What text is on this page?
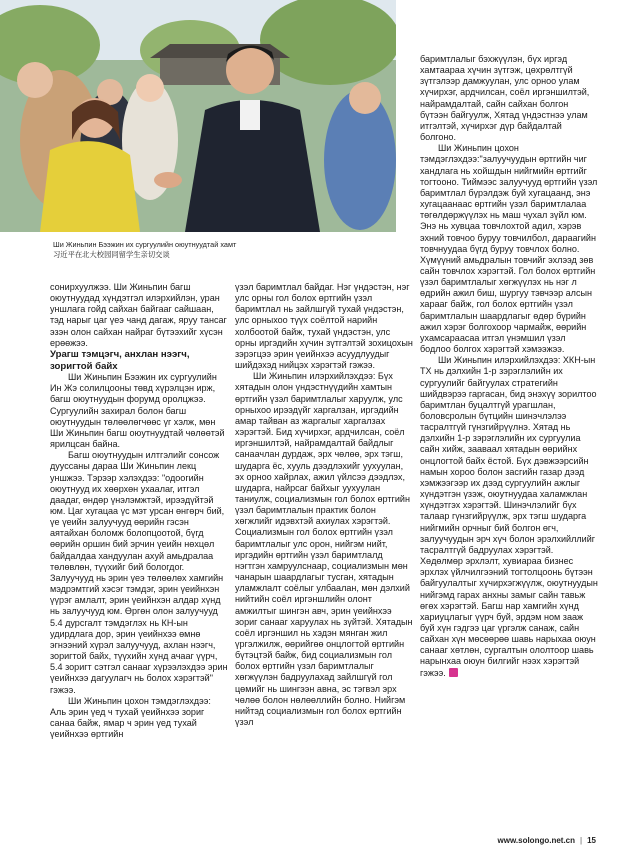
Ши Жиньпин Бээжин их сургуулийн оюутнуудтай хамт
习近平在北大校园同留学生亲切交谈

сонирхуулжээ. Ши Жиньпин багш оюутнуудад хүндэтгэл илэрхийлэн, уран уншлага гойд сайхан байгааг сайшаан, тэд нарыг цаг үеэ чанд дагаж, яруу тансаг эзэн олон сайхан найраг бүтээхийг хүсэн ерөөжээ.

Урагш тэмцэгч, анхлан нээгч, зоригтой байх

Ши Жиньпин Бээжин их сургуулийн Ин Жэ солилцооны төвд хүрэлцэн ирж, багш оюутнуудын форумд оролцжээ. Сургуулийн захирал болон багш оюутнуудын төлөөлөгчөөс үг хэлж, мөн Ши Жиньпин багш оюутнуудтай чөлөөтэй ярилцсан байна.

Багш оюутнуудын илтгэлийг сонсож дууссаны дараа Ши Жиньпин лекц уншжээ. Тэрээр хэлэхдээ: "одоогийн оюутнууд их хөөрхөн ухаалаг, итгэл даадаг, өндөр үнэлэмжтэй, ирээдүйтэй юм. Цаг хугацаа үс мэт урсан өнгөрч бий, үе үеийн залуучууд өөрийн гэсэн аятайхан боломж болопцоотой, бүгд өөрийн оршин бий эрчин үеийн нөхцөл байдалдаа хандуулан ахуй амьдралаа төлөвлөн, түүхийг бий бологдог. Залуучууд нь эрин үеэ төлөөлөх хамгийн мэдрэмтгий хэсэг тэмдэг, эрин үеийнхэн үүрэг амлалт, эрин үеийнхэн алдар хүнд нь залуучууд юм. Өргөн олон залуучууд 5.4 дурсгалт тэмдэглэх нь КН-ын удирдлага дор, эрин үеийнхээ өмнө эгнээний хүрэл залуучууд, ахлан нээгч, зоригтой байх, түүхийн хүнд ачааг үүрч, 5.4 зоригт сэтгэл санааг хүрээлэхдээ эрин үеийнхээ дагуулагч нь болох хэрэгтэй" гэжээ.

Ши Жиньпин цохон тэмдэглэхдээ: Аль эрин үед ч тухай үеийнхээ зориг санаа байж, ямар ч эрин үед тухай үеийнхээ өртгийн

үзэл баримтлал байдаг. Нэг үндэстэн, нэг улс орны гол болох өртгийн үзэл баримтлал нь зайлшгүй тухай үндэстэн, улс орныхоо түүх соёлтой нарийн холбоотой байж, тухай үндэстэн, улс орны иргэдийн хүчин зүтгэлтэй зохицохын зэрэгцээ эрин үеийнхээ асуудлуудыг шийдэхэд нийцэх хэрэгтэй гэжээ.

Ши Жиньпин илэрхийлэхдээ: Бүх хятадын олон үндэстнүүдийн хамтын өртгийн үзэл баримтлалыг харуулж, улс орныхоо ирээдүйг харгалзан, иргэдийн амар тайван аз жаргалыг харгалзах хэрэгтэй. Бид хүчирхэг, ардчилсан, соёл иргэншилтэй, найрамдалтай байдлыг санаачлан дурдаж, эрх чөлөө, эрх тэгш, шударга ёс, хууль дээдлэхийг уухуулан, эх орноо хайрлах, ажил үйлсээ дээдлэх, шударга, найрсаг байхыг уухуулан таниулж, социализмын гол болох өртгийн үзэл баримтлалын практик болон хөгжлийг идэвхтэй ахиулах хэрэгтэй. Социализмын гол болох өртгийн үзэл баримтлалыг улс орон, нийгэм нийт, иргэдийн өртгийн үзэл баримтлалд нэгтгэн хамруулснаар, социализмын мөн чанарын шаардлагыг тусган, хятадын уламжлалт соёлыг улбаалан, мөн дэлхий нийтийн соёл иргэншлийн олонт амжилтыг шингэн авч, эрин үеийнхээ зориг санааг харуулах нь зүйтэй. Хятадын соёл иргэншил нь хэдэн мянган жил үргэлжилж, өөрийгөө онцлогтой өртгийн бүтэцтэй байж, бид социализмын гол болох өртгийн үзэл баримтлалыг хөгжүүлэн бадруулахад зайлшгүй гол цөмийг нь шингээн авна, эс тэгвэл эрх чөлөө болон нөлөөллийн болно. Нийгэм нийтэд социализмын гол болох өртгийн үзэл

баримтлалыг бэхжүүлэн, бүх иргэд хамтаараа хүчин зүтгэж, цөхрөлтгүй зүтгэлээр дамжуулан, улс орноо улам хүчирхэг, ардчилсан, соёл иргэншилтэй, найрамдалтай, сайн сайхан болгон бүтээн байгуулж, Хятад үндэстнээ улам итгэлтэй, хүчирхэг дүр байдалтай болгоно.

Ши Жиньпин цохон тэмдэглэхдээ:"залуучуудын өртгийн чиг хандлага нь хойшдын нийгмийн өртгийг тогтооно. Тиймээс залуучууд өртгийн үзэл баримтлал бүрэлдэж буй хугацаанд, энэ хугацаанаас өртгийн үзэл баримтлалаа төгөлдөржүүлэх нь маш чухал зүйл юм. Энэ нь хувцаа товчлохтой адил, хэрэв эхний товчоо буруу товчилбол, дараагийн товчнуудаа бүгд буруу товчлох болно. Хүмүүний амьдралын товчийг эхлээд зөв сайн товчлох хэрэгтэй. Гол болох өртгийн үзэл баримтлалыг хөгжүүлэх нь нэг л өдрийн ажил биш, шургуу тэвчээр алсын харааг байж, гол болох өртгийн үзэл баримтлалын шаардлагыг өдөр бүрийн ажил хэрэг болгохоор чармайж, өөрийн ухамсараасаа итгэл үнэмшил үзэл бодлоо болгох хэрэгтэй хэмээжээ.

Ши Жиньпин илэрхийлэхдээ: ХКН-ын ТХ нь дэлхийн 1-р зэрэглэлийн их сургуулийг байгуулах стратегийн шийдвэрээ гаргасан, бид энэхүү зорилтоо баримтлан буцалтгүй урагшлан, боловсролын бүтцийн шинэчлэлээ тасралтгүй гүнзгийрүүлнэ. Хятад нь дэлхийн 1-р зэрэглэлийн их сургуулиа сайн хийж, зааваал хятадын өөрийнх онцлогтой байх ёстой. Бүх дэвжээрсийн намын хороо болон засгийн газар дээд хэмжээгээр их дээд сургуулийн ажлыг хүндэтгэн үзэж, оюутнуудаа халамжлан хүндэтгэх хэрэгтэй. Шинэчлэлийг бүх талаар гүнзгийрүүлж, эрх тэгш шударга нийгмийн орчныг бий болгон өгч, залуучуудын эрч хүч болон эрэлхийллийг тасралтгүй бадруулах хэрэгтэй. Хөдөлмөр эрхлэлт, хувиараа бизнес эрхлэх үйлчилгээний тогтолцоонь бүтээн байгуулалтыг хүчирхэгжүүлж, оюутнуудын нийгэмд гарах анхны замыг сайн тавьж өгөх хэрэгтэй. Багш нар хамгийн хүнд хариуцлагыг үүрч буй, эрдэм ном зааж буй хүн гэдгээ цаг үргэлж санаж, сайн сайхан хүн мөсөөрөө шавь нарыхаа оюун санааг хөтлөн, сургалтын ололтоор шавь нарынхаа оюун билгийг нээх хэрэгтэй гэжээ.

www.solongo.net.cn | 15
